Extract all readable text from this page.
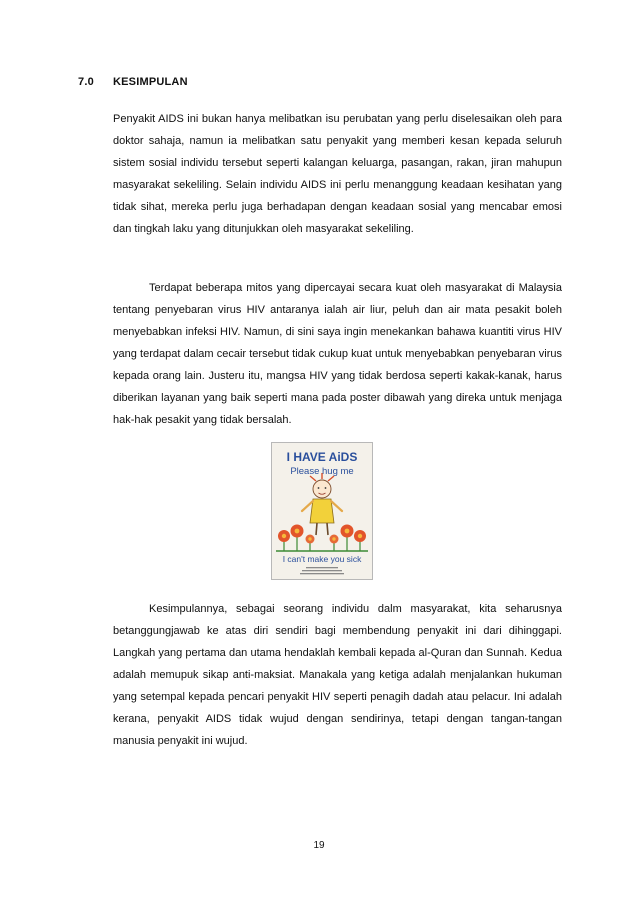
7.0 KESIMPULAN

Penyakit AIDS ini bukan hanya melibatkan isu perubatan yang perlu diselesaikan oleh para doktor sahaja, namun ia melibatkan satu penyakit yang memberi kesan kepada seluruh sistem sosial individu tersebut seperti kalangan keluarga, pasangan, rakan, jiran mahupun masyarakat sekeliling. Selain individu AIDS ini perlu menanggung keadaan kesihatan yang tidak sihat, mereka perlu juga berhadapan dengan keadaan sosial yang mencabar emosi dan tingkah laku yang ditunjukkan oleh masyarakat sekeliling.

Terdapat beberapa mitos yang dipercayai secara kuat oleh masyarakat di Malaysia tentang penyebaran virus HIV antaranya ialah air liur, peluh dan air mata pesakit boleh menyebabkan infeksi HIV. Namun, di sini saya ingin menekankan bahawa kuantiti virus HIV yang terdapat dalam cecair tersebut tidak cukup kuat untuk menyebabkan penyebaran virus kepada orang lain. Justeru itu, mangsa HIV yang tidak berdosa seperti kakak-kanak, harus diberikan layanan yang baik seperti mana pada poster dibawah yang direka untuk menjaga hak-hak pesakit yang tidak bersalah.

I HAVE AiDS
Please hug me
I can't make you sick

Kesimpulannya, sebagai seorang individu dalm masyarakat, kita seharusnya betanggungjawab ke atas diri sendiri bagi membendung penyakit ini dari dihinggapi. Langkah yang pertama dan utama hendaklah kembali kepada al-Quran dan Sunnah. Kedua adalah memupuk sikap anti-maksiat. Manakala yang ketiga adalah menjalankan hukuman yang setempal kepada pencari penyakit HIV seperti penagih dadah atau pelacur. Ini adalah kerana, penyakit AIDS tidak wujud dengan sendirinya, tetapi dengan tangan-tangan manusia penyakit ini wujud.

19
